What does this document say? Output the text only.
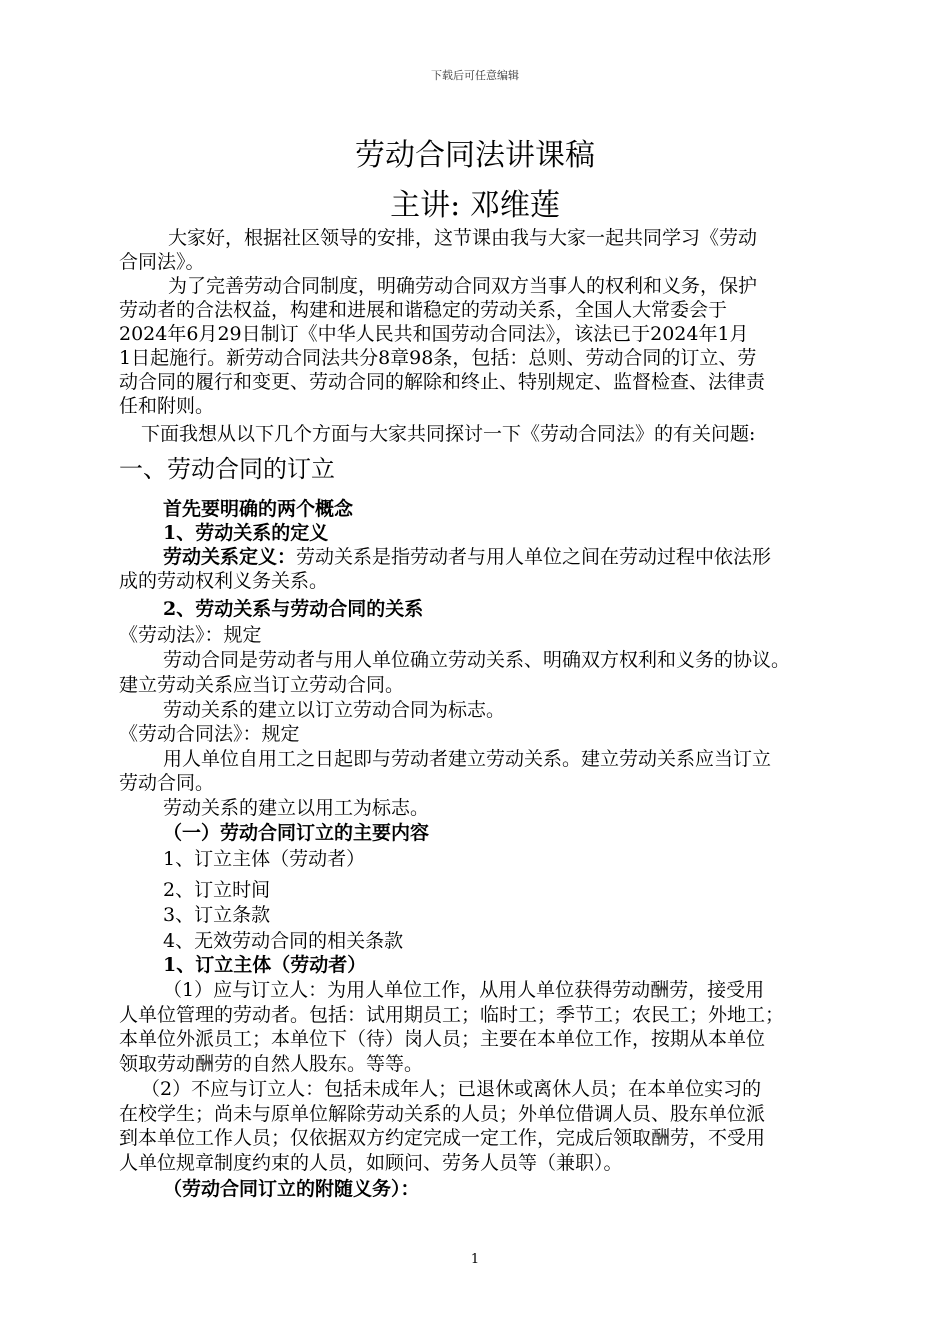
下载后可任意编辑
劳动合同法讲课稿
主讲: 邓维莲
大家好，根据社区领导的安排，这节课由我与大家一起共同学习《劳动
合同法》。
为了完善劳动合同制度，明确劳动合同双方当事人的权利和义务，保护
劳动者的合法权益，构建和进展和谐稳定的劳动关系，全国人大常委会于
2024年6月29日制订《中华人民共和国劳动合同法》，该法已于2024年1月
1日起施行。新劳动合同法共分8章98条，包括：总则、劳动合同的订立、劳
动合同的履行和变更、劳动合同的解除和终止、特别规定、监督检查、法律责
任和附则。
下面我想从以下几个方面与大家共同探讨一下《劳动合同法》的有关问题:
一、劳动合同的订立
首先要明确的两个概念
1、劳动关系的定义
劳动关系定义：劳动关系是指劳动者与用人单位之间在劳动过程中依法形
成的劳动权利义务关系。
2、劳动关系与劳动合同的关系
《劳动法》：规定
劳动合同是劳动者与用人单位确立劳动关系、明确双方权利和义务的协议。
建立劳动关系应当订立劳动合同。
劳动关系的建立以订立劳动合同为标志。
《劳动合同法》：规定
用人单位自用工之日起即与劳动者建立劳动关系。建立劳动关系应当订立
劳动合同。
劳动关系的建立以用工为标志。
（一）劳动合同订立的主要内容
1、订立主体（劳动者）
2、订立时间
3、订立条款
4、无效劳动合同的相关条款
1、订立主体（劳动者）
（1）应与订立人：为用人单位工作，从用人单位获得劳动酬劳，接受用
人单位管理的劳动者。包括：试用期员工；临时工；季节工；农民工；外地工；
本单位外派员工；本单位下（待）岗人员；主要在本单位工作，按期从本单位
领取劳动酬劳的自然人股东。等等。
（2）不应与订立人：包括未成年人；已退休或离休人员；在本单位实习的
在校学生；尚未与原单位解除劳动关系的人员；外单位借调人员、股东单位派
到本单位工作人员；仅依据双方约定完成一定工作，完成后领取酬劳，不受用
人单位规章制度约束的人员，如顾问、劳务人员等（兼职）。
（劳动合同订立的附随义务）：
1
